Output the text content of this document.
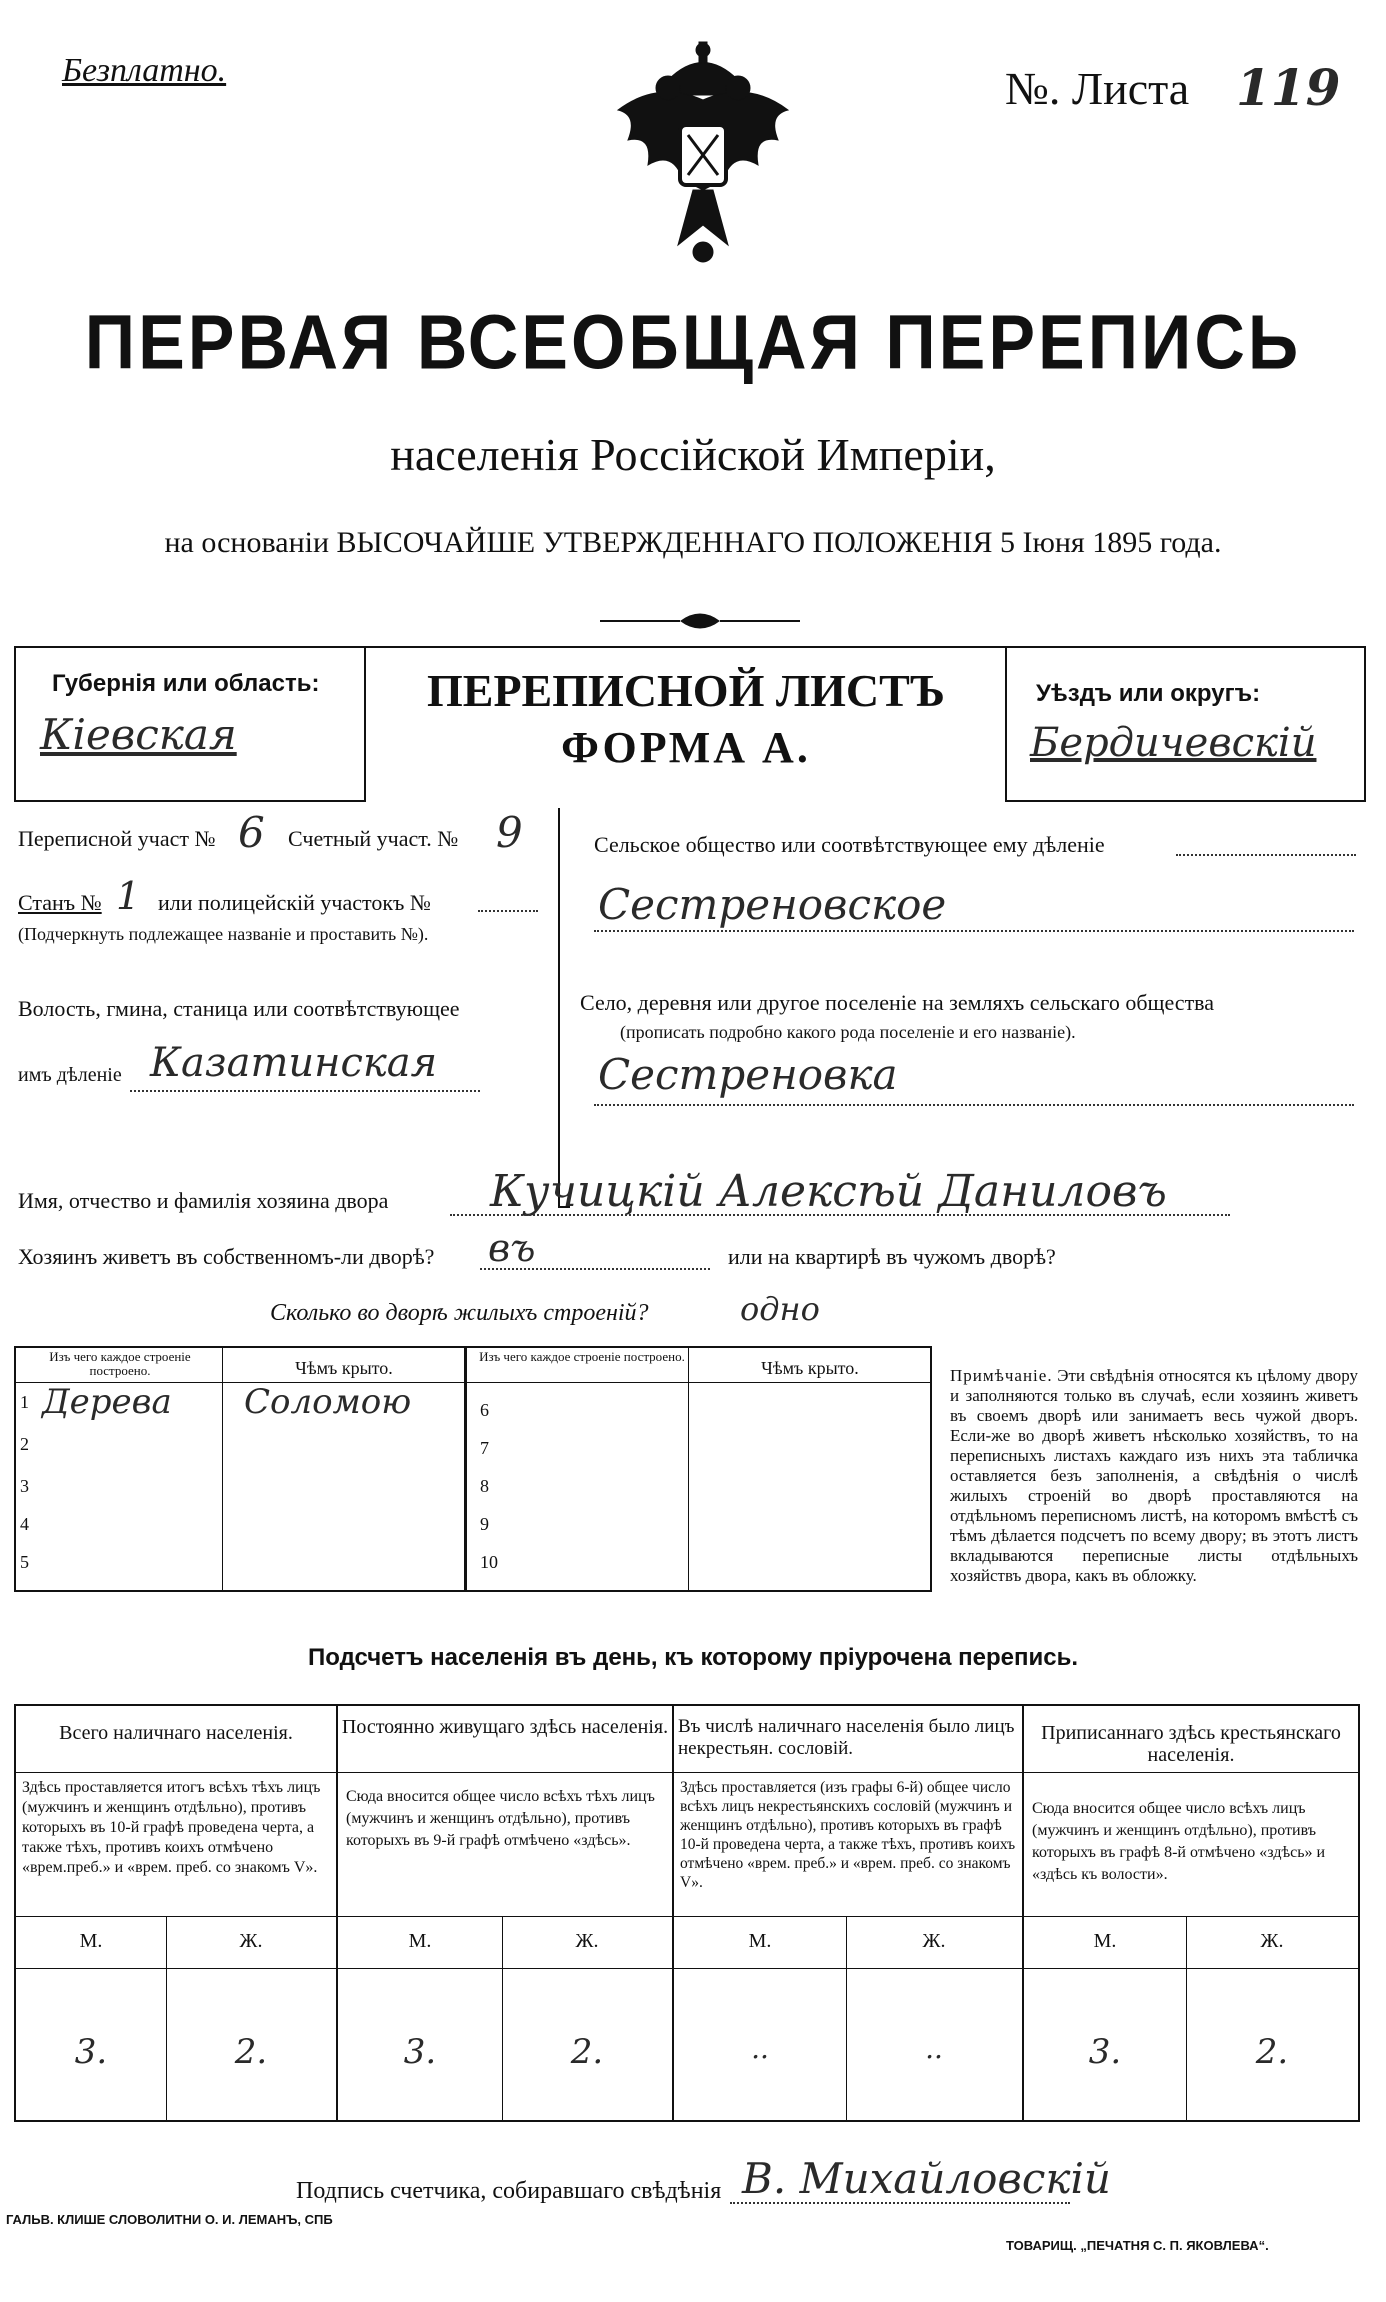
Безплатно.	№. Листа 119
ПЕРВАЯ ВСЕОБЩАЯ ПЕРЕПИСЬ
населенія Россійской Имперіи,
на основаніи ВЫСОЧАЙШЕ УТВЕРЖДЕННАГО ПОЛОЖЕНІЯ 5 Іюня 1895 года.
Губернія или область:
Кіевская
ПЕРЕПИСНОЙ ЛИСТЪ
ФОРМА А.
Уѣздъ или округъ:
Бердичевскій
Переписной участ № 6 Счетный участ. № 9
Станъ № 1 или полицейскій участокъ №
(Подчеркнуть подлежащее названіе и проставить №).
Волость, гмина, станица или соотвѣтствующее
имъ дѣленіе Казатинская
Сельское общество или соотвѣтствующее ему дѣленіе
Сестреновское
Село, деревня или другое поселеніе на земляхъ сельскаго общества
(прописать подробно какого рода поселеніе и его названіе).
Сестреновка
Имя, отчество и фамилія хозяина двора Кучицкій Алексѣй Даниловъ
Хозяинъ живетъ въ собственномъ-ли дворѣ? въ	или на квартирѣ въ чужомъ дворѣ?
Сколько во дворѣ жилыхъ строеній?	одно
Изъ чего каждое строеніе построено.	Чѣмъ крыто.
Изъ чего каждое строеніе построено.
Чѣмъ крыто.
1 Дерева Соломою
2
3
4
5
6
7
8
9
10
Примѣчаніе. Эти свѣдѣнія относятся къ цѣлому двору и заполняются только въ случаѣ, если хозяинъ живетъ въ своемъ дворѣ или занимаетъ весь чужой дворъ. Если-же во дворѣ живетъ нѣсколько хозяйствъ, то на переписныхъ листахъ каждаго изъ нихъ эта табличка оставляется безъ заполненія, а свѣдѣнія о числѣ жилыхъ строеній во дворѣ проставляются на отдѣльномъ переписномъ листѣ, на которомъ вмѣстѣ съ тѣмъ дѣлается подсчетъ по всему двору; въ этотъ листъ вкладываются переписные листы отдѣльныхъ хозяйствъ двора, какъ въ обложку.
Подсчетъ населенія въ день, къ которому пріурочена перепись.
Всего наличнаго населенія.
Здѣсь проставляется итогъ всѣхъ тѣхъ лицъ (мужчинъ и женщинъ отдѣльно), противъ которыхъ въ 10-й графѣ проведена черта, а также тѣхъ, противъ коихъ отмѣчено «врем.преб.» и «врем. преб. со знакомъ V».
М.	Ж.
3.	2.
Постоянно живущаго здѣсь населенія.
Сюда вносится общее число всѣхъ тѣхъ лицъ (мужчинъ и женщинъ отдѣльно), противъ которыхъ въ 9-й графѣ отмѣчено «здѣсь».
М.	Ж.
3.	2.
Въ числѣ наличнаго населенія было лицъ некрестьян. сословій.
Здѣсь проставляется (изъ графы 6-й) общее число всѣхъ лицъ некрестьянскихъ сословій (мужчинъ и женщинъ отдѣльно), противъ которыхъ въ графѣ 10-й проведена черта, а также тѣхъ, противъ коихъ отмѣчено «врем. преб.» и «врем. преб. со знакомъ V».
М.	Ж.
..	..
Приписаннаго здѣсь крестьянскаго населенія.
Сюда вносится общее число всѣхъ лицъ (мужчинъ и женщинъ отдѣльно), противъ которыхъ въ графѣ 8-й отмѣчено «здѣсь» и «здѣсь къ волости».
М.	Ж.
3.	2.
Подпись счетчика, собиравшаго свѣдѣнія В. Михайловскій
ГАЛЬВ. КЛИШЕ СЛОВОЛИТНИ О. И. ЛЕМАНЪ, СПБ
ТОВАРИЩ. „ПЕЧАТНЯ С. П. ЯКОВЛЕВА“.
